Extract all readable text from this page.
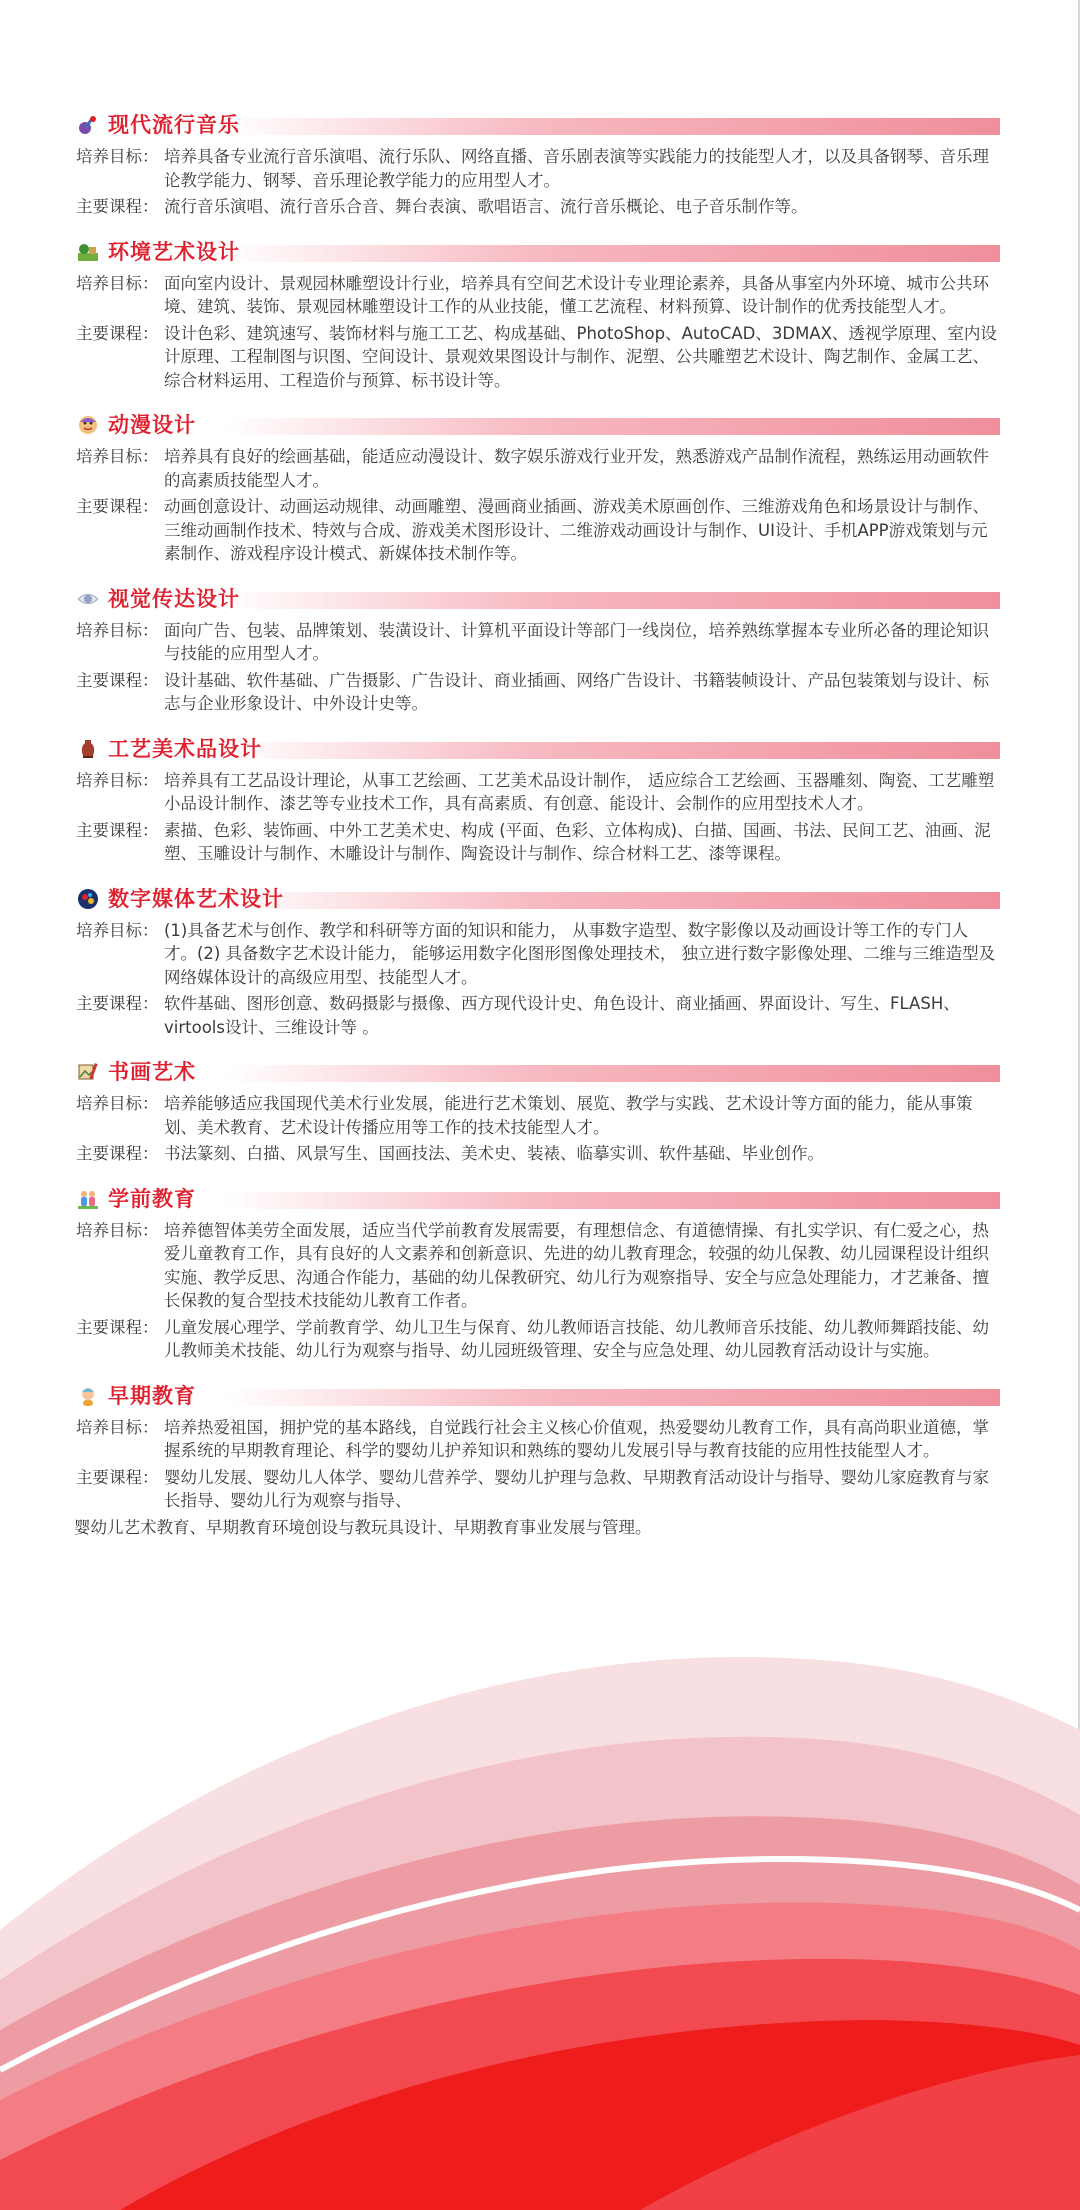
现代流行音乐
培养目标： 培养具备专业流行音乐演唱、流行乐队、网络直播、音乐剧表演等实践能力的技能型人才，以及具备钢琴、音乐理论教学能力、钢琴、音乐理论教学能力的应用型人才。
主要课程： 流行音乐演唱、流行音乐合音、舞台表演、歌唱语言、流行音乐概论、电子音乐制作等。
环境艺术设计
培养目标： 面向室内设计、景观园林雕塑设计行业，培养具有空间艺术设计专业理论素养，具备从事室内外环境、城市公共环境、建筑、装饰、景观园林雕塑设计工作的从业技能，懂工艺流程、材料预算、设计制作的优秀技能型人才。
主要课程： 设计色彩、建筑速写、装饰材料与施工工艺、构成基础、PhotoShop、AutoCAD、3DMAX、透视学原理、室内设计原理、工程制图与识图、空间设计、景观效果图设计与制作、泥塑、公共雕塑艺术设计、陶艺制作、金属工艺、综合材料运用、工程造价与预算、标书设计等。
动漫设计
培养目标： 培养具有良好的绘画基础，能适应动漫设计、数字娱乐游戏行业开发，熟悉游戏产品制作流程，熟练运用动画软件的高素质技能型人才。
主要课程： 动画创意设计、动画运动规律、动画雕塑、漫画商业插画、游戏美术原画创作、三维游戏角色和场景设计与制作、三维动画制作技术、特效与合成、游戏美术图形设计、二维游戏动画设计与制作、UI设计、手机APP游戏策划与元素制作、游戏程序设计模式、新媒体技术制作等。
视觉传达设计
培养目标： 面向广告、包装、品牌策划、装潢设计、计算机平面设计等部门一线岗位，培养熟练掌握本专业所必备的理论知识与技能的应用型人才。
主要课程： 设计基础、软件基础、广告摄影、广告设计、商业插画、网络广告设计、书籍装帧设计、产品包装策划与设计、标志与企业形象设计、中外设计史等。
工艺美术品设计
培养目标： 培养具有工艺品设计理论，从事工艺绘画、工艺美术品设计制作， 适应综合工艺绘画、玉器雕刻、陶瓷、工艺雕塑小品设计制作、漆艺等专业技术工作，具有高素质、有创意、能设计、会制作的应用型技术人才。
主要课程： 素描、色彩、装饰画、中外工艺美术史、构成 (平面、色彩、立体构成)、白描、国画、书法、民间工艺、油画、泥塑、玉雕设计与制作、木雕设计与制作、陶瓷设计与制作、综合材料工艺、漆等课程。
数字媒体艺术设计
培养目标： (1)具备艺术与创作、教学和科研等方面的知识和能力， 从事数字造型、数字影像以及动画设计等工作的专门人才。(2) 具备数字艺术设计能力， 能够运用数字化图形图像处理技术， 独立进行数字影像处理、二维与三维造型及网络媒体设计的高级应用型、技能型人才。
主要课程： 软件基础、图形创意、数码摄影与摄像、西方现代设计史、角色设计、商业插画、界面设计、写生、FLASH、virtools设计、三维设计等 。
书画艺术
培养目标： 培养能够适应我国现代美术行业发展，能进行艺术策划、展览、教学与实践、艺术设计等方面的能力，能从事策划、美术教育、艺术设计传播应用等工作的技术技能型人才。
主要课程： 书法篆刻、白描、风景写生、国画技法、美术史、装裱、临摹实训、软件基础、毕业创作。
学前教育
培养目标： 培养德智体美劳全面发展，适应当代学前教育发展需要，有理想信念、有道德情操、有扎实学识、有仁爱之心，热爱儿童教育工作，具有良好的人文素养和创新意识、先进的幼儿教育理念，较强的幼儿保教、幼儿园课程设计组织实施、教学反思、沟通合作能力，基础的幼儿保教研究、幼儿行为观察指导、安全与应急处理能力，才艺兼备、擅长保教的复合型技术技能幼儿教育工作者。
主要课程： 儿童发展心理学、学前教育学、幼儿卫生与保育、幼儿教师语言技能、幼儿教师音乐技能、幼儿教师舞蹈技能、幼儿教师美术技能、幼儿行为观察与指导、幼儿园班级管理、安全与应急处理、幼儿园教育活动设计与实施。
早期教育
培养目标： 培养热爱祖国，拥护党的基本路线，自觉践行社会主义核心价值观，热爱婴幼儿教育工作，具有高尚职业道德，掌握系统的早期教育理论、科学的婴幼儿护养知识和熟练的婴幼儿发展引导与教育技能的应用性技能型人才。
主要课程： 婴幼儿发展、婴幼儿人体学、婴幼儿营养学、婴幼儿护理与急救、早期教育活动设计与指导、婴幼儿家庭教育与家长指导、婴幼儿行为观察与指导、
婴幼儿艺术教育、早期教育环境创设与教玩具设计、早期教育事业发展与管理。
